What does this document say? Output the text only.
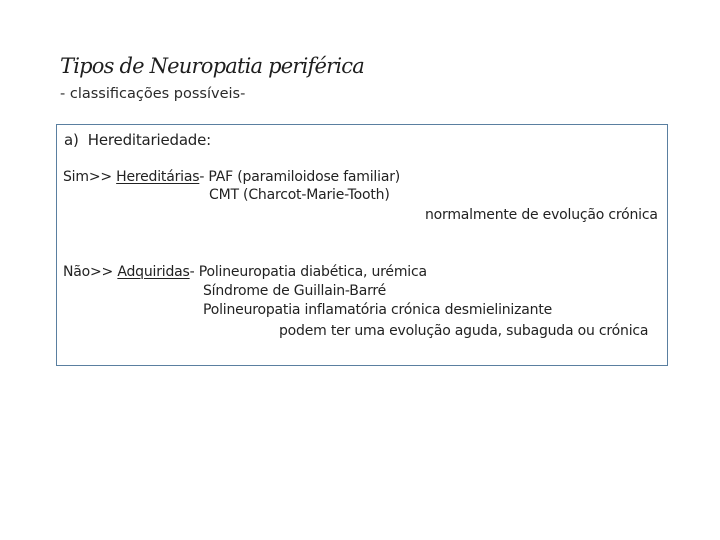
Tipos de Neuropatia periférica
- classificações possíveis-
a) Hereditariedade:
Sim>> Hereditárias- PAF (paramiloidose familiar)
CMT (Charcot-Marie-Tooth)
normalmente de evolução crónica
Não>> Adquiridas- Polineuropatia diabética, urémica
Síndrome de Guillain-Barré
Polineuropatia inflamatória crónica desmielinizante
podem ter uma evolução aguda, subaguda ou crónica
